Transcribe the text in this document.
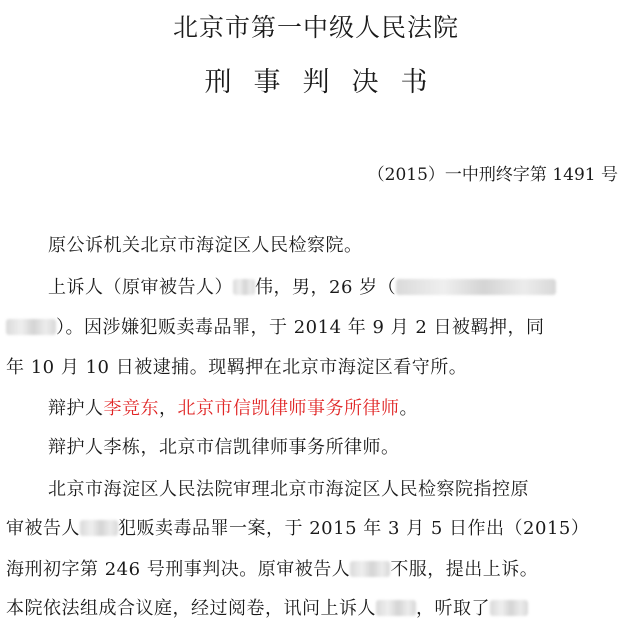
北京市第一中级人民法院
刑事判决书
（2015）一中刑终字第 1491 号
原公诉机关北京市海淀区人民检察院。
上诉人（原审被告人） 伟，男，26 岁（
）。因涉嫌犯贩卖毒品罪，于 2014 年 9 月 2 日被羁押，同
年 10 月 10 日被逮捕。现羁押在北京市海淀区看守所。
辩护人李竞东，北京市信凯律师事务所律师。
辩护人李栋，北京市信凯律师事务所律师。
北京市海淀区人民法院审理北京市海淀区人民检察院指控原
审被告人 犯贩卖毒品罪一案，于 2015 年 3 月 5 日作出（2015）
海刑初字第 246 号刑事判决。原审被告人 不服，提出上诉。
本院依法组成合议庭，经过阅卷，讯问上诉人 ，听取了
